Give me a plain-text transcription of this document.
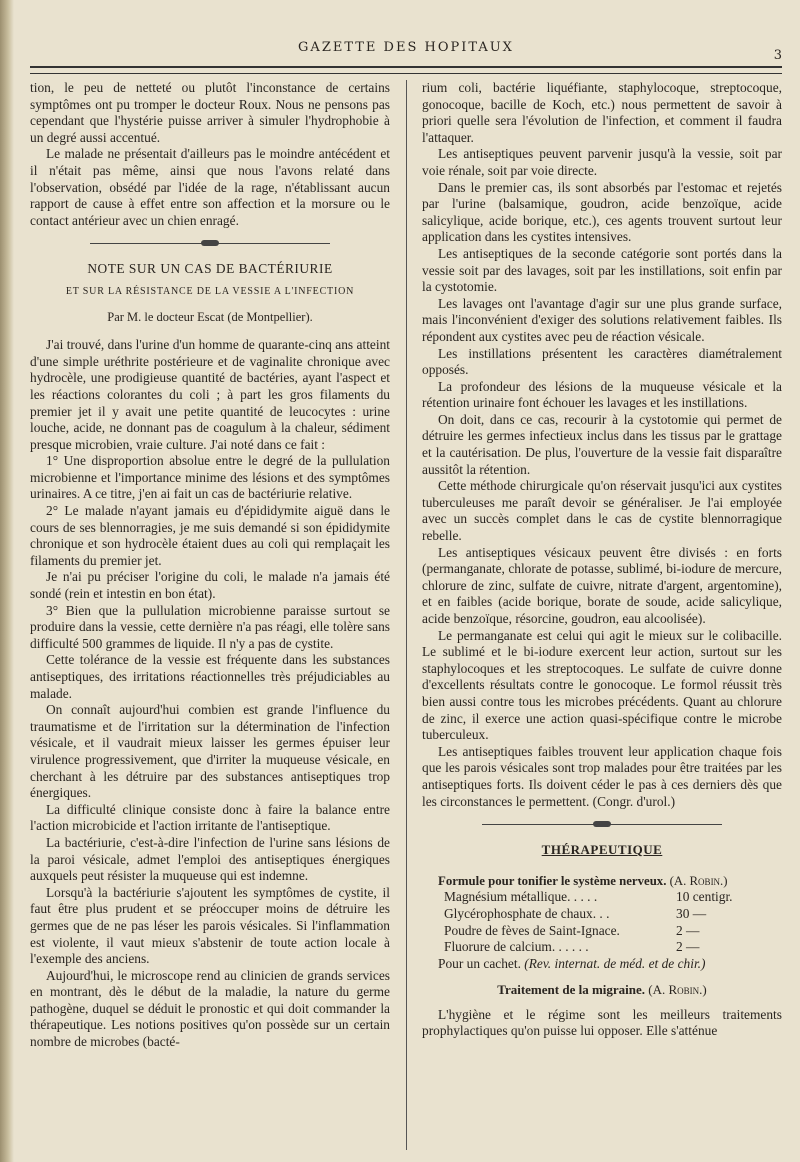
GAZETTE DES HOPITAUX
3

tion, le peu de netteté ou plutôt l'inconstance de certains symptômes ont pu tromper le docteur Roux. Nous ne pensons pas cependant que l'hystérie puisse arriver à simuler l'hydrophobie à un degré aussi accentué.

Le malade ne présentait d'ailleurs pas le moindre antécédent et il n'était pas même, ainsi que nous l'avons relaté dans l'observation, obsédé par l'idée de la rage, n'établissant aucun rapport de cause à effet entre son affection et la morsure ou le contact antérieur avec un chien enragé.

NOTE SUR UN CAS DE BACTÉRIURIE
ET SUR LA RÉSISTANCE DE LA VESSIE A L'INFECTION
Par M. le docteur Escat (de Montpellier).

J'ai trouvé, dans l'urine d'un homme de quarante-cinq ans atteint d'une simple uréthrite postérieure et de vaginalite chronique avec hydrocèle, une prodigieuse quantité de bactéries, ayant l'aspect et les réactions colorantes du coli ; à part les gros filaments du premier jet il y avait une petite quantité de leucocytes : urine louche, acide, ne donnant pas de coagulum à la chaleur, sédiment presque microbien, vraie culture. J'ai noté dans ce fait :

1° Une disproportion absolue entre le degré de la pullulation microbienne et l'importance minime des lésions et des symptômes urinaires. A ce titre, j'en ai fait un cas de bactériurie relative.

2° Le malade n'ayant jamais eu d'épididymite aiguë dans le cours de ses blennorragies, je me suis demandé si son épididymite chronique et son hydrocèle étaient dues au coli qui remplaçait les filaments du premier jet.

Je n'ai pu préciser l'origine du coli, le malade n'a jamais été sondé (rein et intestin en bon état).

3° Bien que la pullulation microbienne paraisse surtout se produire dans la vessie, cette dernière n'a pas réagi, elle tolère sans difficulté 500 grammes de liquide. Il n'y a pas de cystite.

Cette tolérance de la vessie est fréquente dans les substances antiseptiques, des irritations réactionnelles très préjudiciables au malade.

On connaît aujourd'hui combien est grande l'influence du traumatisme et de l'irritation sur la détermination de l'infection vésicale, et il vaudrait mieux laisser les germes épuiser leur virulence progressivement, que d'irriter la muqueuse vésicale, en cherchant à les détruire par des substances antiseptiques trop énergiques.

La difficulté clinique consiste donc à faire la balance entre l'action microbicide et l'action irritante de l'antiseptique.

La bactériurie, c'est-à-dire l'infection de l'urine sans lésions de la paroi vésicale, admet l'emploi des antiseptiques énergiques auxquels peut résister la muqueuse qui est indemne.

Lorsqu'à la bactériurie s'ajoutent les symptômes de cystite, il faut être plus prudent et se préoccuper moins de détruire les germes que de ne pas léser les parois vésicales. Si l'inflammation est violente, il vaut mieux s'abstenir de toute action locale à l'exemple des anciens.

Aujourd'hui, le microscope rend au clinicien de grands services en montrant, dès le début de la maladie, la nature du germe pathogène, duquel se déduit le pronostic et qui doit commander la thérapeutique. Les notions positives qu'on possède sur un certain nombre de microbes (bacté-

rium coli, bactérie liquéfiante, staphylocoque, streptocoque, gonocoque, bacille de Koch, etc.) nous permettent de savoir à priori quelle sera l'évolution de l'infection, et comment il faudra l'attaquer.

Les antiseptiques peuvent parvenir jusqu'à la vessie, soit par voie rénale, soit par voie directe.

Dans le premier cas, ils sont absorbés par l'estomac et rejetés par l'urine (balsamique, goudron, acide benzoïque, acide salicylique, acide borique, etc.), ces agents trouvent surtout leur application dans les cystites intensives.

Les antiseptiques de la seconde catégorie sont portés dans la vessie soit par des lavages, soit par les instillations, soit enfin par la cystotomie.

Les lavages ont l'avantage d'agir sur une plus grande surface, mais l'inconvénient d'exiger des solutions relativement faibles. Ils répondent aux cystites avec peu de réaction vésicale.

Les instillations présentent les caractères diamétralement opposés.

La profondeur des lésions de la muqueuse vésicale et la rétention urinaire font échouer les lavages et les instillations.

On doit, dans ce cas, recourir à la cystotomie qui permet de détruire les germes infectieux inclus dans les tissus par le grattage et la cautérisation. De plus, l'ouverture de la vessie fait disparaître aussitôt la rétention.

Cette méthode chirurgicale qu'on réservait jusqu'ici aux cystites tuberculeuses me paraît devoir se généraliser. Je l'ai employée avec un succès complet dans le cas de cystite blennorragique rebelle.

Les antiseptiques vésicaux peuvent être divisés : en forts (permanganate, chlorate de potasse, sublimé, bi-iodure de mercure, chlorure de zinc, sulfate de cuivre, nitrate d'argent, argentomine), et en faibles (acide borique, borate de soude, acide salicylique, acide benzoïque, résorcine, goudron, eau alcoolisée).

Le permanganate est celui qui agit le mieux sur le colibacille. Le sublimé et le bi-iodure exercent leur action, surtout sur les staphylocoques et les streptocoques. Le sulfate de cuivre donne d'excellents résultats contre le gonocoque. Le formol réussit très bien aussi contre tous les microbes précédents. Quant au chlorure de zinc, il exerce une action quasi-spécifique contre le microbe tuberculeux.

Les antiseptiques faibles trouvent leur application chaque fois que les parois vésicales sont trop malades pour être traitées par les antiseptiques forts. Ils doivent céder le pas à ces derniers dès que les circonstances le permettent. (Congr. d'urol.)

THÉRAPEUTIQUE

Formule pour tonifier le système nerveux. (A. Robin.)

Magnésium métallique. . . . .	10 centigr.
Glycérophosphate de chaux. . .	30 —
Poudre de fèves de Saint-Ignace.	2 —
Fluorure de calcium. . . . . .	2 —

Pour un cachet. (Rev. internat. de méd. et de chir.)

Traitement de la migraine. (A. Robin.)

L'hygiène et le régime sont les meilleurs traitements prophylactiques qu'on puisse lui opposer. Elle s'atténue
